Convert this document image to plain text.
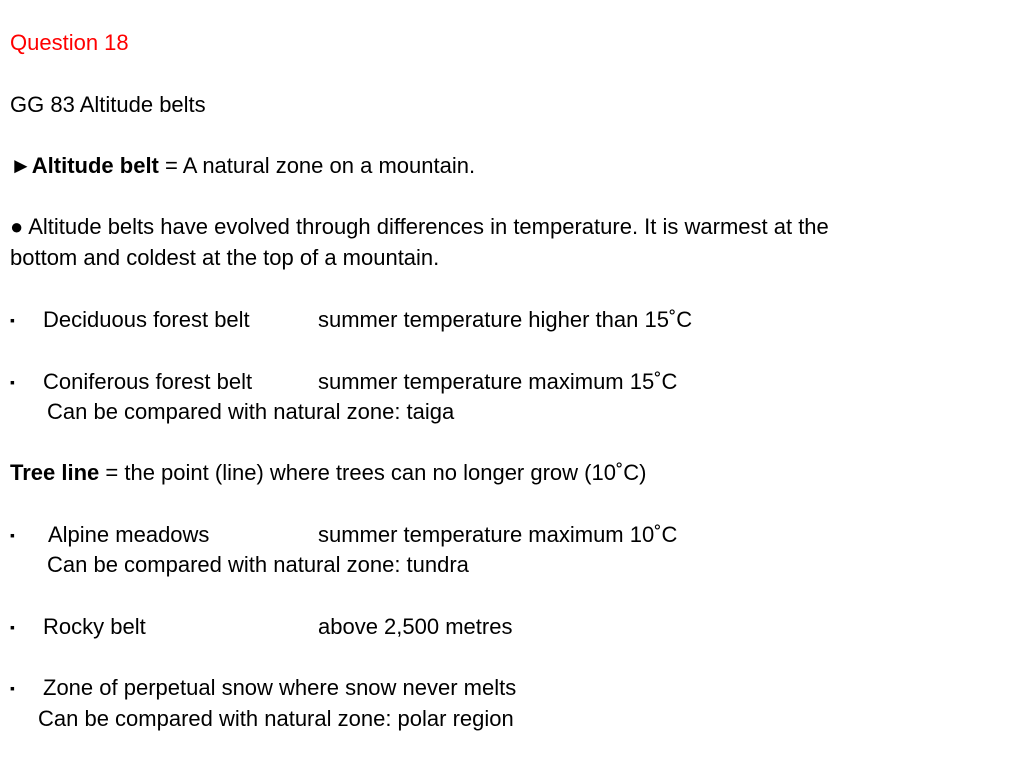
Question 18
GG 83 Altitude belts
►Altitude belt = A natural zone on a mountain.
● Altitude belts have evolved through differences in temperature. It is warmest at the
bottom and coldest at the top of a mountain.
▪ Deciduous forest belt	summer temperature higher than 15˚C
▪ Coniferous forest belt	summer temperature maximum 15˚C
Can be compared with natural zone: taiga
Tree line = the point (line) where trees can no longer grow (10˚C)
▪ Alpine meadows	summer temperature maximum 10˚C
Can be compared with natural zone: tundra
▪ Rocky belt	above 2,500 metres
▪ Zone of perpetual snow where snow never melts
Can be compared with natural zone: polar region
